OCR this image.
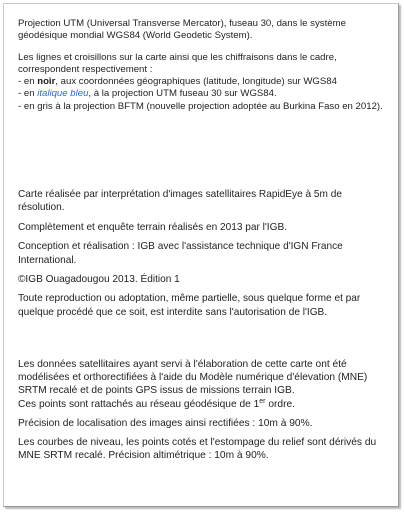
Projection UTM (Universal Transverse Mercator), fuseau 30, dans le système géodésique mondial WGS84 (World Geodetic System).

Les lignes et croisillons sur la carte ainsi que les chiffraisons dans le cadre, correspondent respectivement :

- en noir, aux coordonnées géographiques (latitude, longitude) sur WGS84

- en italique bleu, à la projection UTM fuseau 30 sur WGS84.

- en gris à la projection BFTM (nouvelle projection adoptée au Burkina Faso en 2012).

Carte réalisée par interprétation d'images satellitaires RapidEye à 5m de résolution.

Complètement et enquête terrain réalisés en 2013 par l'IGB.

Conception et réalisation : IGB avec l'assistance technique d'IGN France International.

©IGB Ouagadougou 2013. Édition 1

Toute reproduction ou adoptation, même partielle, sous quelque forme et par quelque procédé que ce soit, est interdite sans l'autorisation de l'IGB.

Les données satellitaires ayant servi à l'élaboration de cette carte ont été modélisées et orthorectifiées à l'aide du Modèle numérique d'élevation (MNE) SRTM recalé et de points GPS issus de missions terrain IGB.

Ces points sont rattachés au réseau géodésique de 1er ordre.

Précision de localisation des images ainsi rectifiées : 10m à 90%.

Les courbes de niveau, les points cotés et l'estompage du relief sont dérivés du MNE SRTM recalé. Précision altimétrique : 10m à 90%.
